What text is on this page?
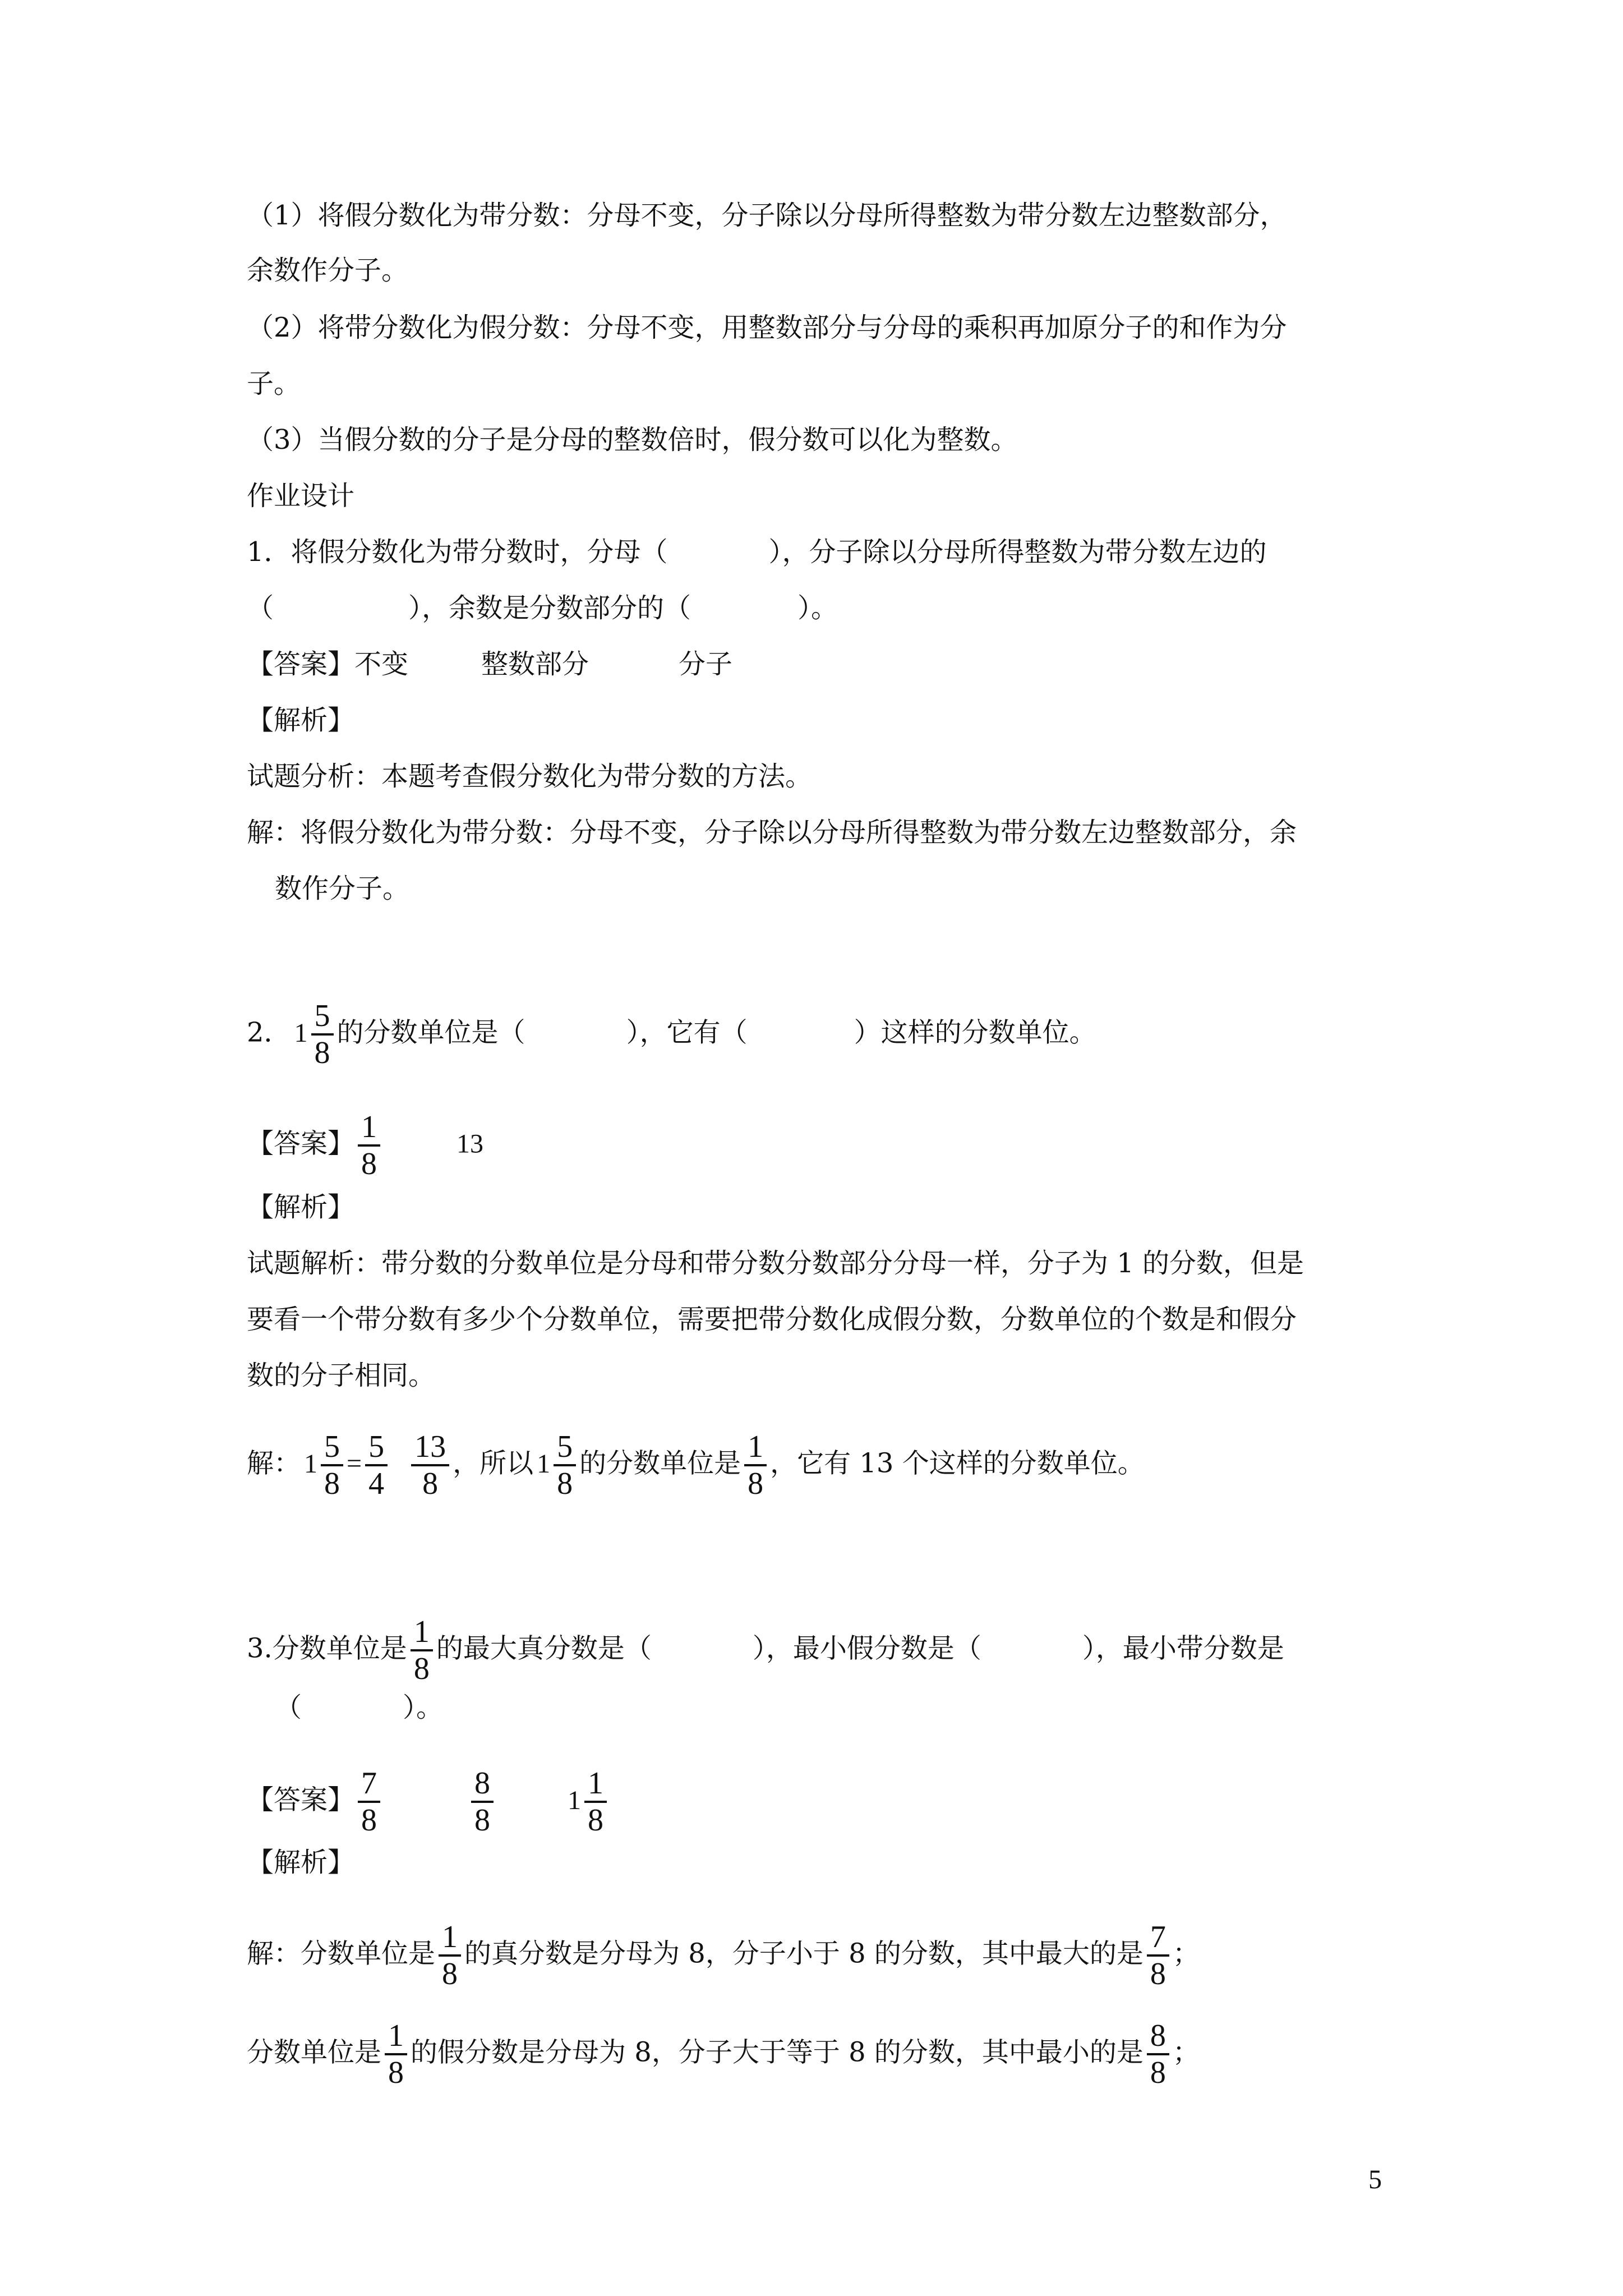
（1）将假分数化为带分数：分母不变，分子除以分母所得整数为带分数左边整数部分，
余数作分子。
（2）将带分数化为假分数：分母不变，用整数部分与分母的乘积再加原分子的和作为分
子。
（3）当假分数的分子是分母的整数倍时，假分数可以化为整数。
作业设计
1．将假分数化为带分数时，分母（	），分子除以分母所得整数为带分数左边的
（	），余数是分数部分的（	）。
【答案】不变	整数部分	分子
【解析】
试题分析：本题考查假分数化为带分数的方法。
解：将假分数化为带分数：分母不变，分子除以分母所得整数为带分数左边整数部分，余
数作分子。
2． $1 \frac{5}{8}$ 的分数单位是（	），它有（	）这样的分数单位。
【答案】 $\frac{1}{8}$	13
【解析】
试题解析：带分数的分数单位是分母和带分数分数部分分母一样，分子为 1 的分数，但是
要看一个带分数有多少个分数单位，需要把带分数化成假分数，分数单位的个数是和假分
数的分子相同。
解： $1 \frac{5}{8} = \frac{5}{4} \frac{13}{8}$ ，所以 $1 \frac{5}{8}$ 的分数单位是 $\frac{1}{8}$ ，它有 13 个这样的分数单位。
3.分数单位是 $\frac{1}{8}$ 的最大真分数是（	），最小假分数是（	），最小带分数是
（	）。
【答案】 $\frac{7}{8}$	$\frac{8}{8}$	$1 \frac{1}{8}$
【解析】
解：分数单位是 $\frac{1}{8}$ 的真分数是分母为 8，分子小于 8 的分数，其中最大的是 $\frac{7}{8}$ ；
分数单位是 $\frac{1}{8}$ 的假分数是分母为 8，分子大于等于 8 的分数，其中最小的是 $\frac{8}{8}$ ；
5
